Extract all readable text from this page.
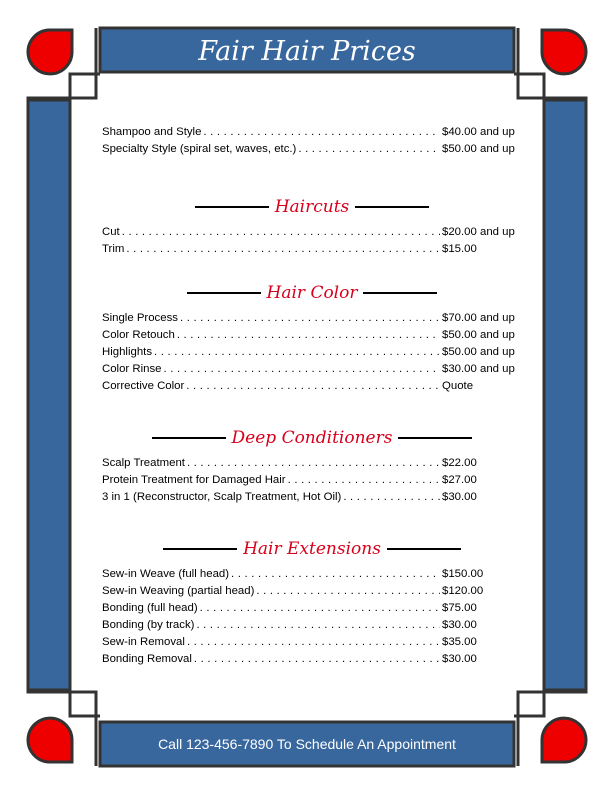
Fair Hair Prices
Call 123-456-7890 To Schedule An Appointment
Shampoo and Style . . .	$40.00 and up
Specialty Style (spiral set, waves, etc.) . . .	$50.00 and up
Haircuts
Cut . . .	$20.00 and up
Trim . . .	$15.00
Hair Color
Single Process . . .	$70.00 and up
Color Retouch . . .	$50.00 and up
Highlights . . .	$50.00 and up
Color Rinse . . .	$30.00 and up
Corrective Color . . .	Quote
Deep Conditioners
Scalp Treatment . . .	$22.00
Protein Treatment for Damaged Hair . . .	$27.00
3 in 1 (Reconstructor, Scalp Treatment, Hot Oil) . . .	$30.00
Hair Extensions
Sew-in Weave (full head) . . .	$150.00
Sew-in Weaving (partial head) . . .	$120.00
Bonding (full head) . . .	$75.00
Bonding (by track) . . .	$30.00
Sew-in Removal . . .	$35.00
Bonding Removal . . .	$30.00
